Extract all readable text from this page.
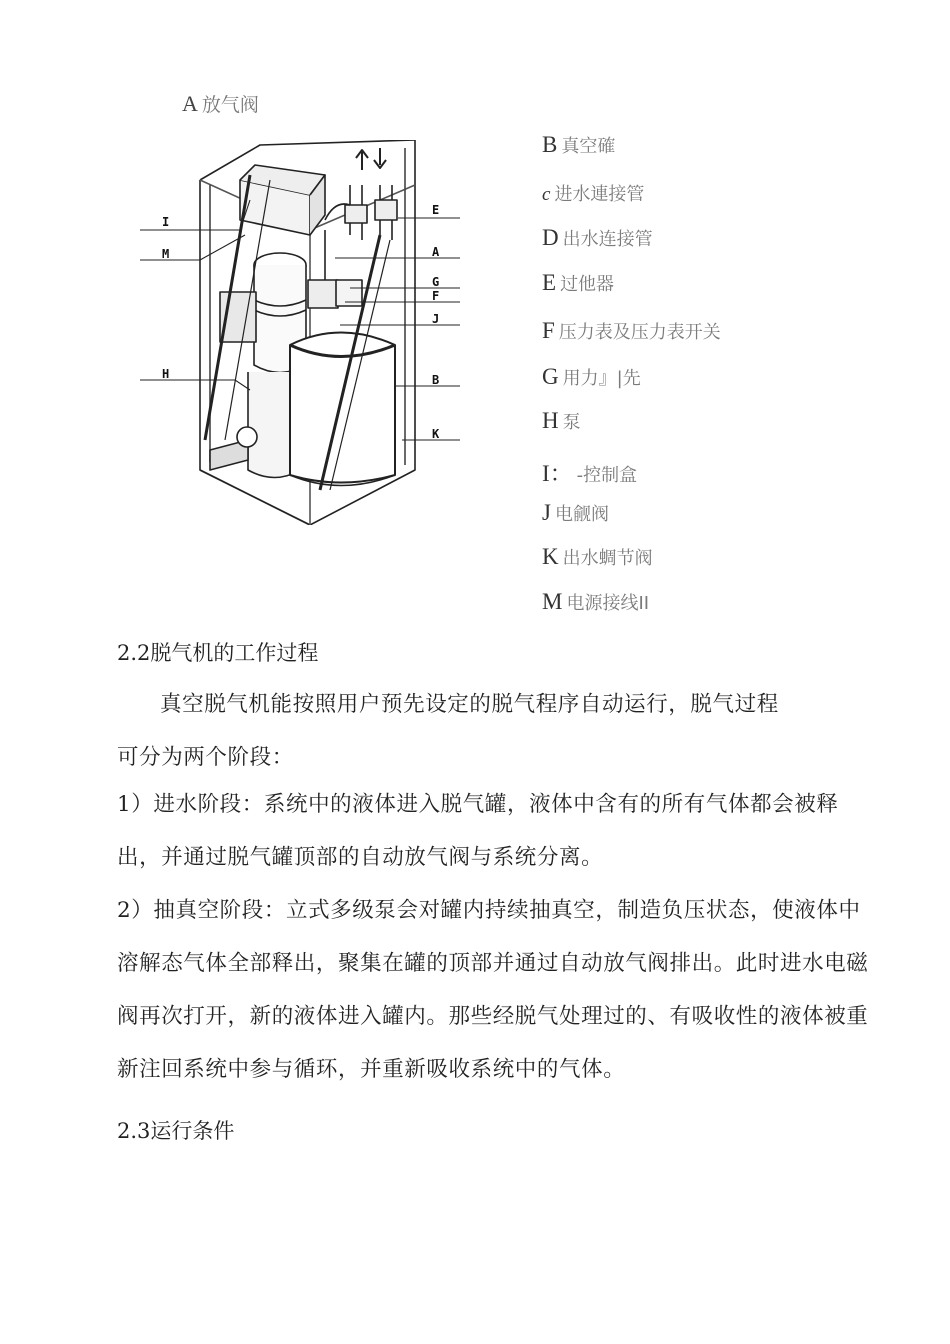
A 放气阀
I
M
H
E
A
G
F
J
B
K
B 真空確
c 进水連接管
D 出水连接管
E 过他器
F 压力表及压力表开关
G 用力』|先
H 泵
I： -控制盒
J 电觎阀
K 出水蜩节阀
M 电源接线II
2.2脱气机的工作过程
真空脱气机能按照用户预先设定的脱气程序自动运行，脱气过程
可分为两个阶段：
1）进水阶段：系统中的液体进入脱气罐，液体中含有的所有气体都会被释出，并通过脱气罐顶部的自动放气阀与系统分离。
2）抽真空阶段：立式多级泵会对罐内持续抽真空，制造负压状态，使液体中溶解态气体全部释出，聚集在罐的顶部并通过自动放气阀排出。此时进水电磁阀再次打开，新的液体进入罐内。那些经脱气处理过的、有吸收性的液体被重新注回系统中参与循环，并重新吸收系统中的气体。
2.3运行条件
